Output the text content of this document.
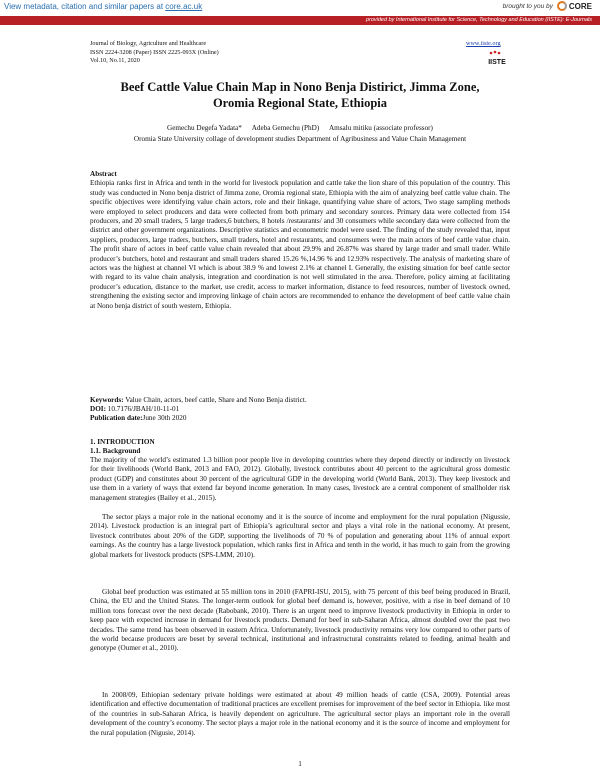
View metadata, citation and similar papers at core.ac.uk	brought to you by CORE
provided by International Institute for Science, Technology and Education (IISTE): E-Journals
Journal of Biology, Agriculture and Healthcare
ISSN 2224-3208 (Paper) ISSN 2225-093X (Online)
Vol.10, No.11, 2020
www.iiste.org
IISTE
Beef Cattle Value Chain Map in Nono Benja Distirict, Jimma Zone, Oromia Regional State, Ethiopia
Gemechu Degefa Yadata* Adeba Gemechu (PhD) Amsalu mitiku (associate professor)
Oromia State University collage of development studies Department of Agribusiness and Value Chain Management
Abstract
Ethiopia ranks first in Africa and tenth in the world for livestock population and cattle take the lion share of this population of the country. This study was conducted in Nono benja district of Jimma zone, Oromia regional state, Ethiopia with the aim of analyzing beef cattle value chain. The specific objectives were identifying value chain actors, role and their linkage, quantifying value share of actors, Two stage sampling methods were employed to select producers and data were collected from both primary and secondary sources. Primary data were collected from 154 producers, and 20 small traders, 5 large traders,6 butchers, 8 hotels /restaurants/ and 30 consumers while secondary data were collected from the district and other government organizations. Descriptive statistics and econometric model were used. The finding of the study revealed that, input suppliers, producers, large traders, butchers, small traders, hotel and restaurants, and consumers were the main actors of beef cattle value chain. The profit share of actors in beef cattle value chain revealed that about 29.9% and 26.87% was shared by large trader and small trader. While producer’s butchers, hotel and restaurant and small traders shared 15.26 %,14.96 % and 12.93% respectively. The analysis of marketing share of actors was the highest at channel VI which is about 38.9 % and lowest 2.1% at channel I. Generally, the existing situation for beef cattle sector with regard to its value chain analysis, integration and coordination is not well stimulated in the area. Therefore, policy aiming at facilitating producer’s education, distance to the market, use credit, access to market information, distance to feed resources, number of livestock owned, strengthening the existing sector and improving linkage of chain actors are recommended to enhance the development of beef cattle value chain at Nono benja district of south western, Ethiopia.
Keywords: Value Chain, actors, beef cattle, Share and Nono Benja district.
DOI: 10.7176/JBAH/10-11-01
Publication date:June 30th 2020
1. INTRODUCTION
1.1. Background
The majority of the world’s estimated 1.3 billion poor people live in developing countries where they depend directly or indirectly on livestock for their livelihoods (World Bank, 2013 and FAO, 2012). Globally, livestock contributes about 40 percent to the agricultural gross domestic product (GDP) and constitutes about 30 percent of the agricultural GDP in the developing world (World Bank, 2013). They keep livestock and use them in a variety of ways that extend far beyond income generation. In many cases, livestock are a central component of smallholder risk management strategies (Bailey et al., 2015).
The sector plays a major role in the national economy and it is the source of income and employment for the rural population (Nigussie, 2014). Livestock production is an integral part of Ethiopia’s agricultural sector and plays a vital role in the national economy. At present, livestock contributes about 20% of the GDP, supporting the livelihoods of 70 % of population and generating about 11% of annual export earnings. As the country has a large livestock population, which ranks first in Africa and tenth in the world, it has much to gain from the growing global markets for livestock products (SPS-LMM, 2010).
Global beef production was estimated at 55 million tons in 2010 (FAPRI-ISU, 2015), with 75 percent of this beef being produced in Brazil, China, the EU and the United States. The longer-term outlook for global beef demand is, however, positive, with a rise in beef demand of 10 million tons forecast over the next decade (Rabobank, 2010). There is an urgent need to improve livestock productivity in Ethiopia in order to keep pace with expected increase in demand for livestock products. Demand for beef in sub-Saharan Africa, almost doubled over the past two decades. The same trend has been observed in eastern Africa. Unfortunately, livestock productivity remains very low compared to other parts of the world because producers are beset by several technical, institutional and infrastructural constraints related to feeding, animal health and genotype (Oumer et al., 2010).
In 2008/09, Ethiopian sedentary private holdings were estimated at about 49 million heads of cattle (CSA, 2009). Potential areas identification and effective documentation of traditional practices are excellent premises for improvement of the beef sector in Ethiopia. like most of the countries in sub-Saharan Africa, is heavily dependent on agriculture. The agricultural sector plays an important role in the overall development of the country’s economy. The sector plays a major role in the national economy and it is the source of income and employment for the rural population (Nigusie, 2014).
1
